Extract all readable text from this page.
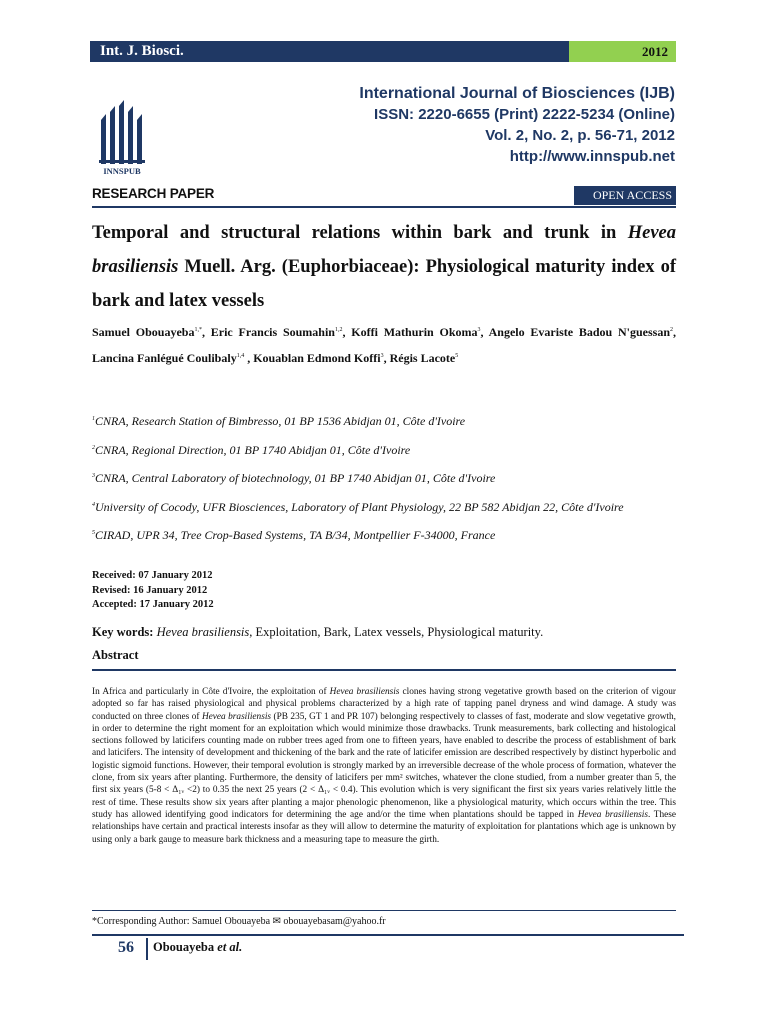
Int. J. Biosci.	2012
INNSPUB
International Journal of Biosciences (IJB)
ISSN: 2220-6655 (Print) 2222-5234 (Online)
Vol. 2, No. 2, p. 56-71, 2012
http://www.innspub.net
RESEARCH PAPER	OPEN ACCESS
Temporal and structural relations within bark and trunk in Hevea brasiliensis Muell. Arg. (Euphorbiaceae): Physiological maturity index of bark and latex vessels
Samuel Obouayeba$^{1,*}$, Eric Francis Soumahin$^{1,2}$, Koffi Mathurin Okoma$^3$, Angelo Evariste Badou N'guessan$^2$, Lancina Fanlégué Coulibaly$^{1,4}$ , Kouablan Edmond Koffi$^3$, Régis Lacote$^5$
$^1$CNRA, Research Station of Bimbresso, 01 BP 1536 Abidjan 01, Côte d'Ivoire
$^2$CNRA, Regional Direction, 01 BP 1740 Abidjan 01, Côte d'Ivoire
$^3$CNRA, Central Laboratory of biotechnology, 01 BP 1740 Abidjan 01, Côte d'Ivoire
$^4$University of Cocody, UFR Biosciences, Laboratory of Plant Physiology, 22 BP 582 Abidjan 22, Côte d'Ivoire
$^5$CIRAD, UPR 34, Tree Crop-Based Systems, TA B/34, Montpellier F-34000, France
Received: 07 January 2012
Revised: 16 January 2012
Accepted: 17 January 2012
Key words: Hevea brasiliensis, Exploitation, Bark, Latex vessels, Physiological maturity.
Abstract
In Africa and particularly in Côte d'Ivoire, the exploitation of Hevea brasiliensis clones having strong vegetative growth based on the criterion of vigour adopted so far has raised physiological and physical problems characterized by a high rate of tapping panel dryness and wind damage. A study was conducted on three clones of Hevea brasiliensis (PB 235, GT 1 and PR 107) belonging respectively to classes of fast, moderate and slow vegetative growth, in order to determine the right moment for an exploitation which would minimize those drawbacks. Trunk measurements, bark collecting and histological sections followed by laticifers counting made on rubber trees aged from one to fifteen years, have enabled to describe the process of establishment of bark and laticifers. The intensity of development and thickening of the bark and the rate of laticifer emission are described respectively by distinct hyperbolic and logistic sigmoid functions. However, their temporal evolution is strongly marked by an irreversible decrease of the whole process of formation, whatever the clone, from six years after planting. Furthermore, the density of laticifers per mm² switches, whatever the clone studied, from a number greater than 5, the first six years (5-8 < Δ₁ᵥ <2) to 0.35 the next 25 years (2 < Δ₁ᵥ < 0.4). This evolution which is very significant the first six years varies relatively little the rest of time. These results show six years after planting a major phenologic phenomenon, like a physiological maturity, which occurs within the tree. This study has allowed identifying good indicators for determining the age and/or the time when plantations should be tapped in Hevea brasiliensis. These relationships have certain and practical interests insofar as they will allow to determine the maturity of exploitation for plantations which age is unknown by using only a bark gauge to measure bark thickness and a measuring tape to measure the girth.
*Corresponding Author: Samuel Obouayeba ✉ obouayebasam@yahoo.fr
56 Obouayeba et al.
